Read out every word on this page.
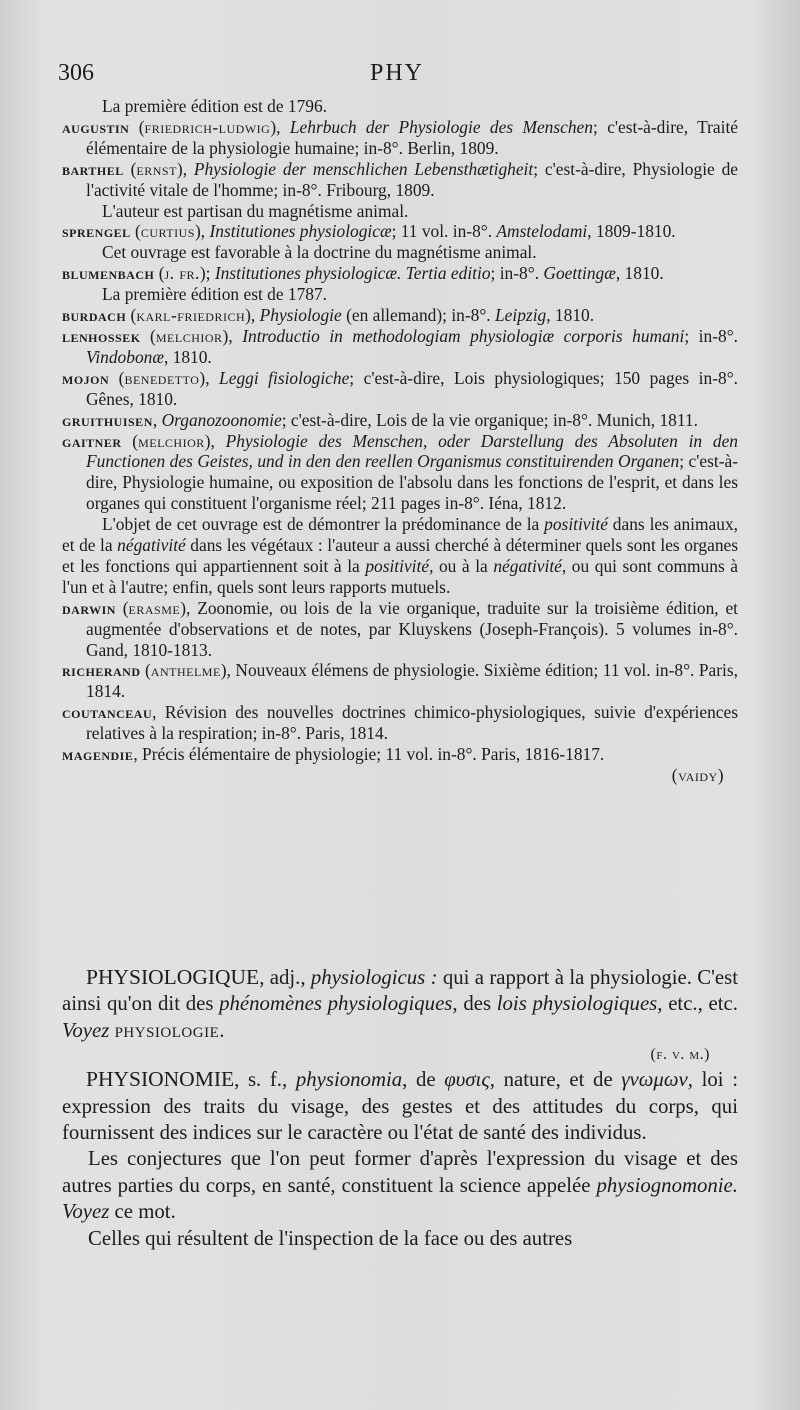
306	PHY

La première édition est de 1796.

augustin (friedrich-ludwig), Lehrbuch der Physiologie des Menschen; c'est-à-dire, Traité élémentaire de la physiologie humaine; in-8°. Berlin, 1809.

barthel (ernst), Physiologie der menschlichen Lebensthætigheit; c'est-à-dire, Physiologie de l'activité vitale de l'homme; in-8°. Fribourg, 1809.

L'auteur est partisan du magnétisme animal.

sprengel (curtius), Institutiones physiologicæ; 11 vol. in-8°. Amstelodami, 1809-1810.

Cet ouvrage est favorable à la doctrine du magnétisme animal.

blumenbach (j. fr.); Institutiones physiologicæ. Tertia editio; in-8°. Goettingæ, 1810.

La première édition est de 1787.

burdach (karl-friedrich), Physiologie (en allemand); in-8°. Leipzig, 1810.

lenhossek (melchior), Introductio in methodologiam physiologiæ corporis humani; in-8°. Vindobonæ, 1810.

mojon (benedetto), Leggi fisiologiche; c'est-à-dire, Lois physiologiques; 150 pages in-8°. Gênes, 1810.

gruithuisen, Organozoonomie; c'est-à-dire, Lois de la vie organique; in-8°. Munich, 1811.

gaitner (melchior), Physiologie des Menschen, oder Darstellung des Absoluten in den Functionen des Geistes, und in den den reellen Organismus constituirenden Organen; c'est-à-dire, Physiologie humaine, ou exposition de l'absolu dans les fonctions de l'esprit, et dans les organes qui constituent l'organisme réel; 211 pages in-8°. Iéna, 1812.

L'objet de cet ouvrage est de démontrer la prédominance de la positivité dans les animaux, et de la négativité dans les végétaux : l'auteur a aussi cherché à déterminer quels sont les organes et les fonctions qui appartiennent soit à la positivité, ou à la négativité, ou qui sont communs à l'un et à l'autre; enfin, quels sont leurs rapports mutuels.

darwin (erasme), Zoonomie, ou lois de la vie organique, traduite sur la troisième édition, et augmentée d'observations et de notes, par Kluyskens (Joseph-François). 5 volumes in-8°. Gand, 1810-1813.

richerand (anthelme), Nouveaux élémens de physiologie. Sixième édition; 11 vol. in-8°. Paris, 1814.

coutanceau, Révision des nouvelles doctrines chimico-physiologiques, suivie d'expériences relatives à la respiration; in-8°. Paris, 1814.

magendie, Précis élémentaire de physiologie; 11 vol. in-8°. Paris, 1816-1817.

(vaidy)

PHYSIOLOGIQUE, adj., physiologicus : qui a rapport à la physiologie. C'est ainsi qu'on dit des phénomènes physiologiques, des lois physiologiques, etc., etc. Voyez physiologie.

(f. v. m.)

PHYSIONOMIE, s. f., physionomia, de φυσις, nature, et de γνωμων, loi : expression des traits du visage, des gestes et des attitudes du corps, qui fournissent des indices sur le caractère ou l'état de santé des individus.

Les conjectures que l'on peut former d'après l'expression du visage et des autres parties du corps, en santé, constituent la science appelée physiognomonie. Voyez ce mot.

Celles qui résultent de l'inspection de la face ou des autres
